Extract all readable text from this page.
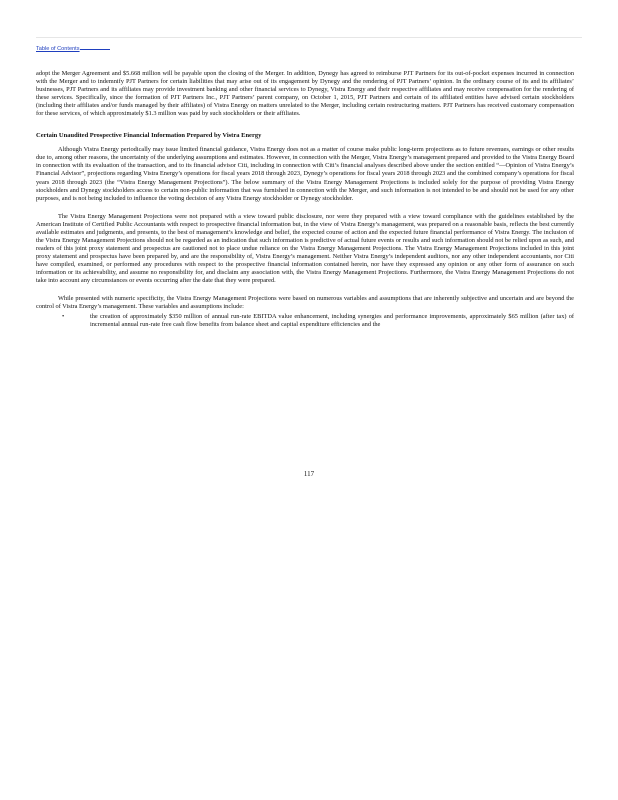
Table of Contents

adopt the Merger Agreement and $5.668 million will be payable upon the closing of the Merger. In addition, Dynegy has agreed to reimburse PJT Partners for its out-of-pocket expenses incurred in connection with the Merger and to indemnify PJT Partners for certain liabilities that may arise out of its engagement by Dynegy and the rendering of PJT Partners’ opinion. In the ordinary course of its and its affiliates’ businesses, PJT Partners and its affiliates may provide investment banking and other financial services to Dynegy, Vistra Energy and their respective affiliates and may receive compensation for the rendering of these services. Specifically, since the formation of PJT Partners Inc., PJT Partners’ parent company, on October 1, 2015, PJT Partners and certain of its affiliated entities have advised certain stockholders (including their affiliates and/or funds managed by their affiliates) of Vistra Energy on matters unrelated to the Merger, including certain restructuring matters. PJT Partners has received customary compensation for these services, of which approximately $1.3 million was paid by such stockholders or their affiliates.

Certain Unaudited Prospective Financial Information Prepared by Vistra Energy

Although Vistra Energy periodically may issue limited financial guidance, Vistra Energy does not as a matter of course make public long-term projections as to future revenues, earnings or other results due to, among other reasons, the uncertainty of the underlying assumptions and estimates. However, in connection with the Merger, Vistra Energy’s management prepared and provided to the Vistra Energy Board in connection with its evaluation of the transaction, and to its financial advisor Citi, including in connection with Citi’s financial analyses described above under the section entitled “—Opinion of Vistra Energy’s Financial Advisor”, projections regarding Vistra Energy’s operations for fiscal years 2018 through 2023, Dynegy’s operations for fiscal years 2018 through 2023 and the combined company’s operations for fiscal years 2018 through 2023 (the “Vistra Energy Management Projections”). The below summary of the Vistra Energy Management Projections is included solely for the purpose of providing Vistra Energy stockholders and Dynegy stockholders access to certain non-public information that was furnished in connection with the Merger, and such information is not intended to be and should not be used for any other purposes, and is not being included to influence the voting decision of any Vistra Energy stockholder or Dynegy stockholder.

The Vistra Energy Management Projections were not prepared with a view toward public disclosure, nor were they prepared with a view toward compliance with the guidelines established by the American Institute of Certified Public Accountants with respect to prospective financial information but, in the view of Vistra Energy’s management, was prepared on a reasonable basis, reflects the best currently available estimates and judgments, and presents, to the best of management’s knowledge and belief, the expected course of action and the expected future financial performance of Vistra Energy. The inclusion of the Vistra Energy Management Projections should not be regarded as an indication that such information is predictive of actual future events or results and such information should not be relied upon as such, and readers of this joint proxy statement and prospectus are cautioned not to place undue reliance on the Vistra Energy Management Projections. The Vistra Energy Management Projections included in this joint proxy statement and prospectus have been prepared by, and are the responsibility of, Vistra Energy’s management. Neither Vistra Energy’s independent auditors, nor any other independent accountants, nor Citi have compiled, examined, or performed any procedures with respect to the prospective financial information contained herein, nor have they expressed any opinion or any other form of assurance on such information or its achievability, and assume no responsibility for, and disclaim any association with, the Vistra Energy Management Projections. Furthermore, the Vistra Energy Management Projections do not take into account any circumstances or events occurring after the date that they were prepared.

While presented with numeric specificity, the Vistra Energy Management Projections were based on numerous variables and assumptions that are inherently subjective and uncertain and are beyond the control of Vistra Energy’s management. These variables and assumptions include:

•	the creation of approximately $350 million of annual run-rate EBITDA value enhancement, including synergies and performance improvements, approximately $65 million (after tax) of incremental annual run-rate free cash flow benefits from balance sheet and capital expenditure efficiencies and the
117
